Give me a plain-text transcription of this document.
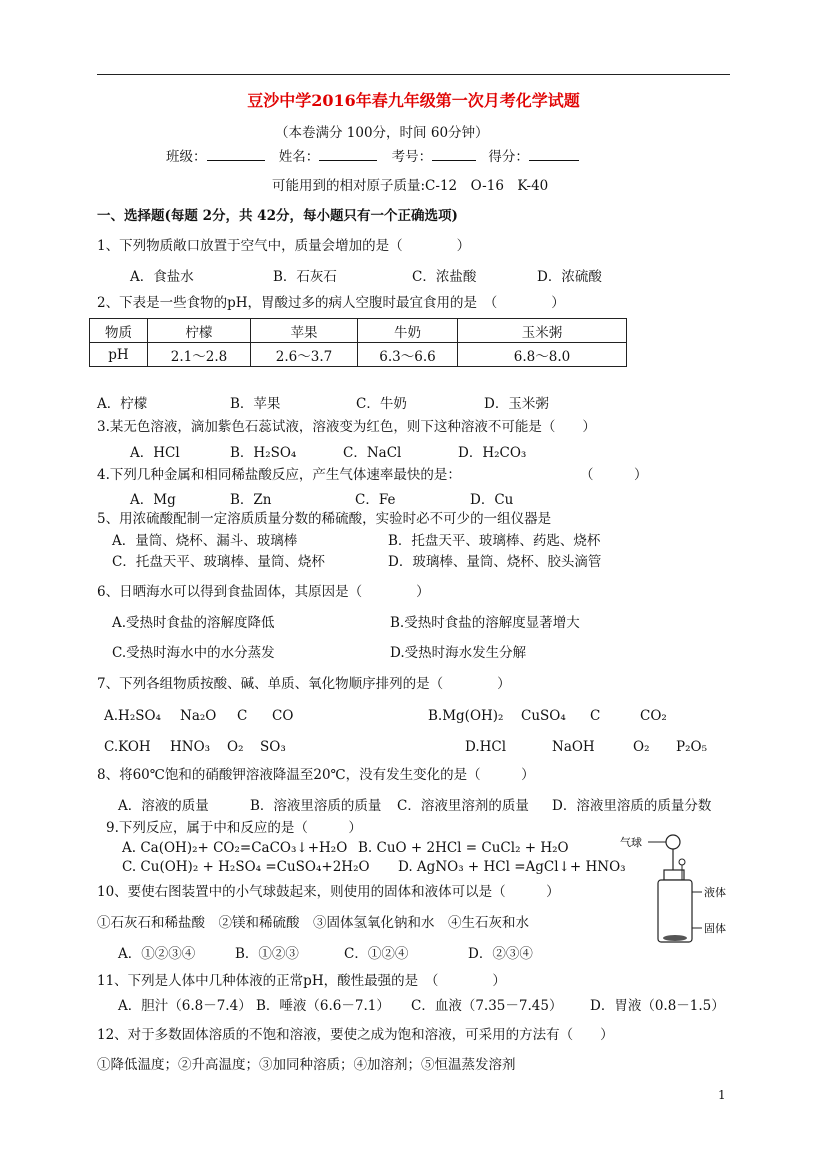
豆沙中学2016年春九年级第一次月考化学试题
（本卷满分 100分，时间 60分钟）
班级：	姓名：	考号：	得分：
可能用到的相对原子质量:C-12　O-16　K-40
一、选择题(每题 2分，共 42分，每小题只有一个正确选项)
1、下列物质敞口放置于空气中，质量会增加的是（　　　　）
A．食盐水	B．石灰石	C．浓盐酸	D．浓硫酸
2、下表是一些食物的pH，胃酸过多的病人空腹时最宜食用的是　（　　　　）
物质	柠檬	苹果	牛奶	玉米粥
pH	2.1～2.8	2.6～3.7	6.3～6.6	6.8～8.0
A．柠檬	B．苹果	C．牛奶	D．玉米粥
3.某无色溶液，滴加紫色石蕊试液，溶液变为红色，则下这种溶液不可能是（　　）
A．HCl	B．H₂SO₄	C．NaCl	D．H₂CO₃
4.下列几种金属和相同稀盐酸反应，产生气体速率最快的是：	（　　　）
A．Mg	B．Zn	C．Fe	D．Cu
5、用浓硫酸配制一定溶质质量分数的稀硫酸，实验时必不可少的一组仪器是
A．量筒、烧杯、漏斗、玻璃棒	B．托盘天平、玻璃棒、药匙、烧杯
C．托盘天平、玻璃棒、量筒、烧杯	D．玻璃棒、量筒、烧杯、胶头滴管
6、日晒海水可以得到食盐固体，其原因是（　　　　）
A.受热时食盐的溶解度降低	B.受热时食盐的溶解度显著增大
C.受热时海水中的水分蒸发	D.受热时海水发生分解
7、下列各组物质按酸、碱、单质、氧化物顺序排列的是（　　　　）
A.H₂SO₄ Na₂O C CO	B.Mg(OH)₂ CuSO₄ C	CO₂
C.KOH HNO₃ O₂ SO₃	D.HCl	NaOH	O₂ P₂O₅
8、将60℃饱和的硝酸钾溶液降温至20℃，没有发生变化的是（　　　）
A．溶液的质量	B．溶液里溶质的质量 C．溶液里溶剂的质量 D．溶液里溶质的质量分数
9.下列反应，属于中和反应的是（　　　）
A. Ca(OH)₂+ CO₂=CaCO₃↓+H₂O B. CuO + 2HCl = CuCl₂ + H₂O
C. Cu(OH)₂ + H₂SO₄ =CuSO₄+2H₂O D. AgNO₃ + HCl =AgCl↓+ HNO₃
气球
液体
固体
10、要使右图装置中的小气球鼓起来，则使用的固体和液体可以是（　　　）
①石灰石和稀盐酸　②镁和稀硫酸　③固体氢氧化钠和水　④生石灰和水
A．①②③④	B．①②③	C．①②④	D．②③④
11、下列是人体中几种体液的正常pH，酸性最强的是　（　　　　）
A．胆汁（6.8－7.4） B．唾液（6.6－7.1） C．血液（7.35－7.45） D．胃液（0.8－1.5）
12、对于多数固体溶质的不饱和溶液，要使之成为饱和溶液，可采用的方法有（　　）
①降低温度；②升高温度；③加同种溶质；④加溶剂；⑤恒温蒸发溶剂
1
